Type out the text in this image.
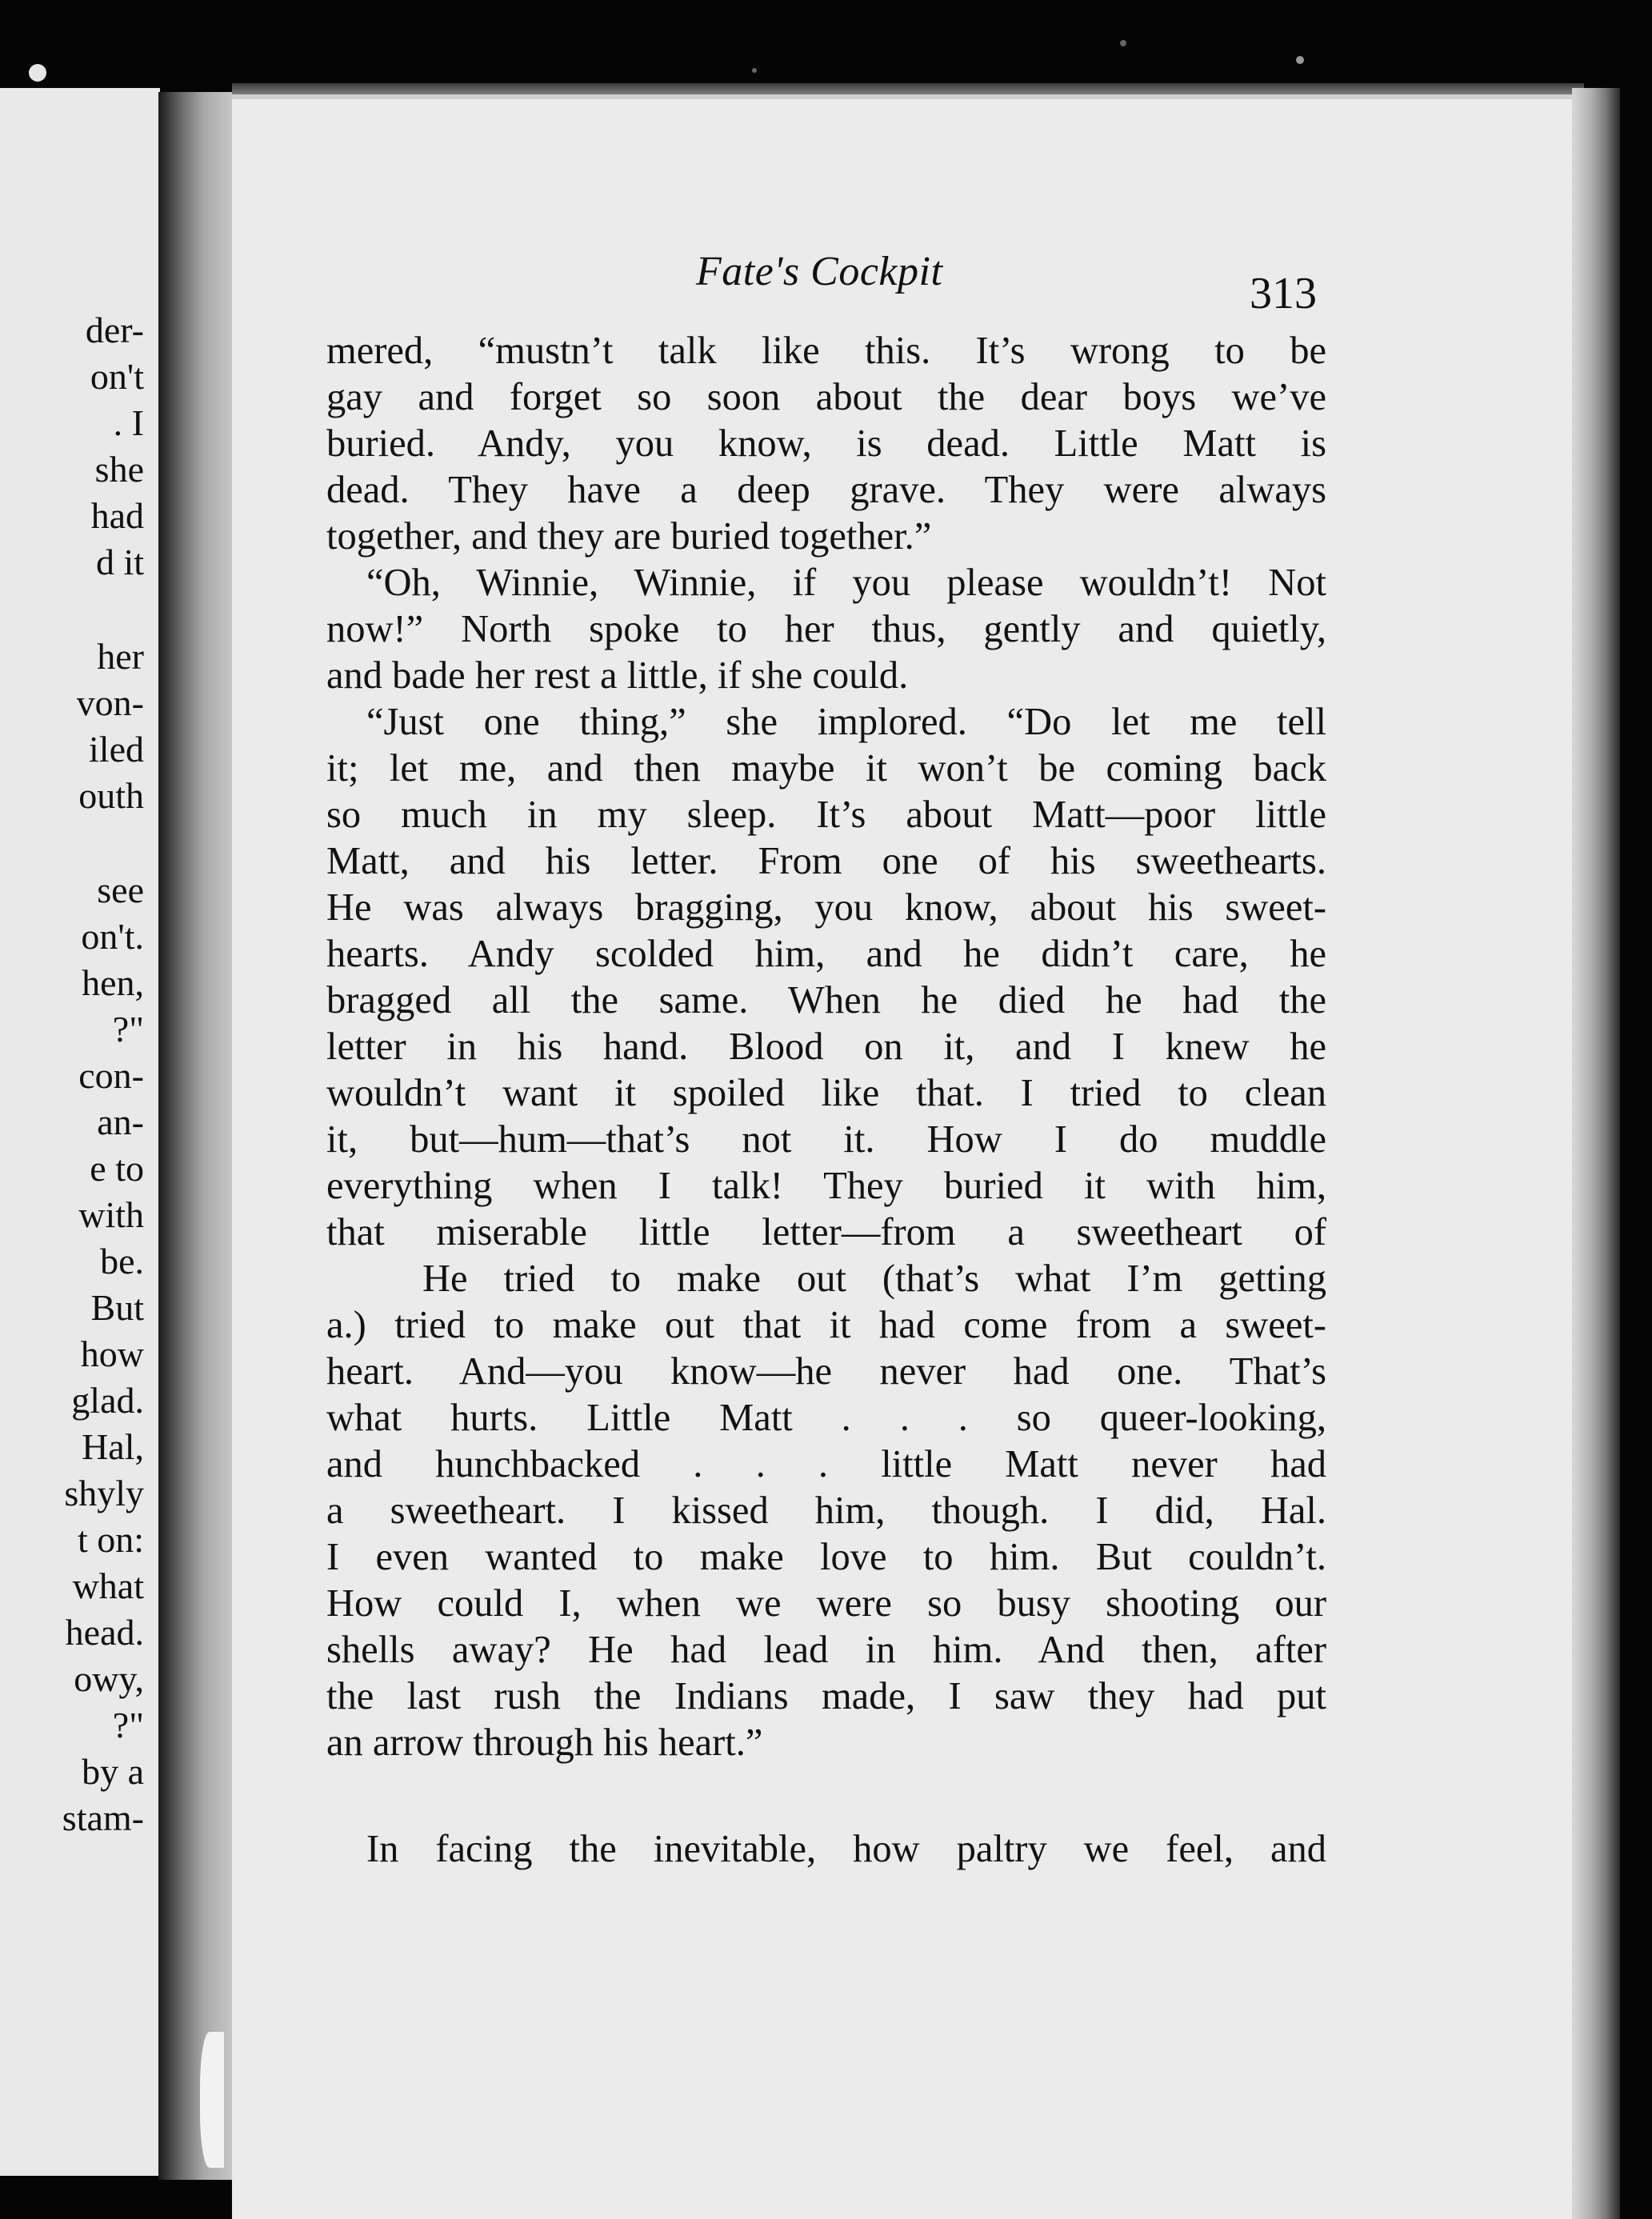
der-
on't
. I
she
had
d it
her
von-
iled
outh
see
on't.
hen,
?"
con-
an-
e to
with
be.
But
how
glad.
Hal,
shyly
t on:
what
head.
owy,
?"
by a
stam-
Fate's Cockpit	313
mered, “mustn’t talk like this. It’s wrong to be
gay and forget so soon about the dear boys we’ve
buried. Andy, you know, is dead. Little Matt is
dead. They have a deep grave. They were always
together, and they are buried together.”
“Oh, Winnie, Winnie, if you please wouldn’t! Not
now!” North spoke to her thus, gently and quietly,
and bade her rest a little, if she could.
“Just one thing,” she implored. “Do let me tell
it; let me, and then maybe it won’t be coming back
so much in my sleep. It’s about Matt—poor little
Matt, and his letter. From one of his sweethearts.
He was always bragging, you know, about his sweet-
hearts. Andy scolded him, and he didn’t care, he
bragged all the same. When he died he had the
letter in his hand. Blood on it, and I knew he
wouldn’t want it spoiled like that. I tried to clean
it, but—hum—that’s not it. How I do muddle
everything when I talk! They buried it with him,
that miserable little letter—from a sweetheart of
He tried to make out (that’s what I’m getting
a.) tried to make out that it had come from a sweet-
heart. And—you know—he never had one. That’s
what hurts. Little Matt . . . so queer-looking,
and hunchbacked . . . little Matt never had
a sweetheart. I kissed him, though. I did, Hal.
I even wanted to make love to him. But couldn’t.
How could I, when we were so busy shooting our
shells away? He had lead in him. And then, after
the last rush the Indians made, I saw they had put
an arrow through his heart.”
In facing the inevitable, how paltry we feel, and
